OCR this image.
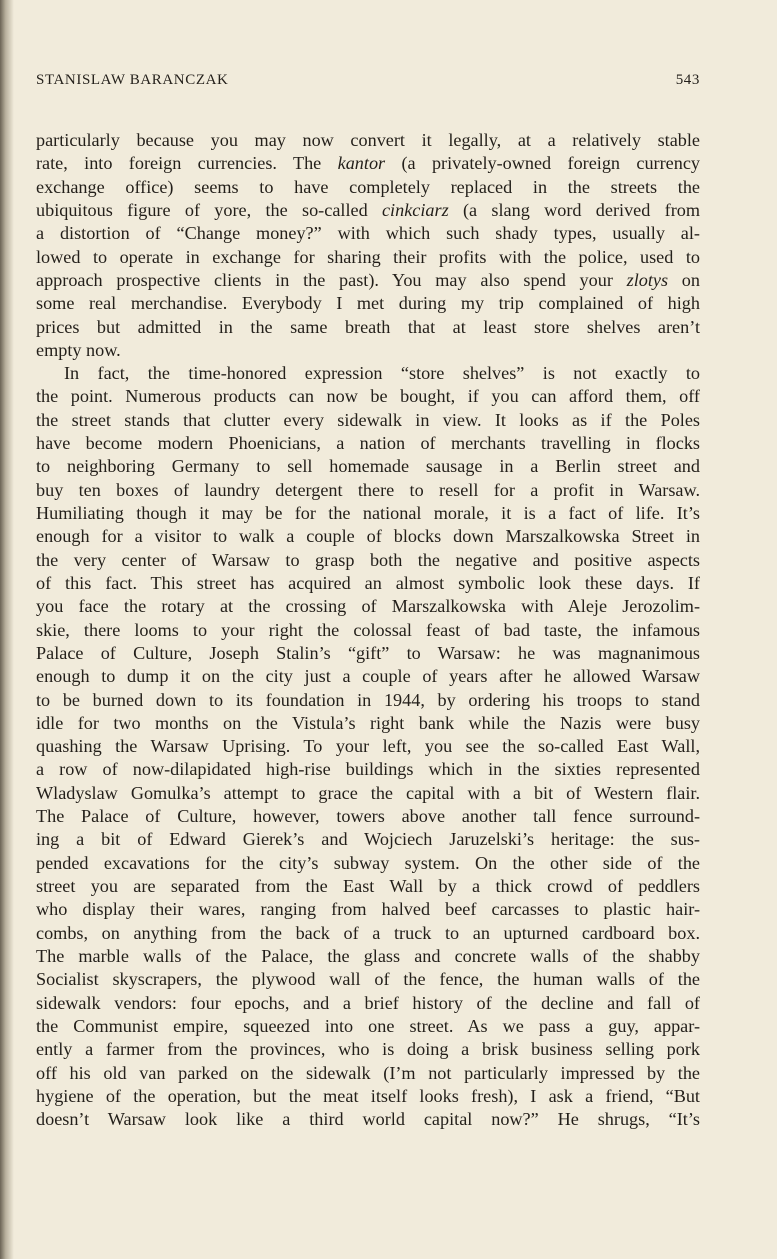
STANISLAW BARANCZAK	543
particularly because you may now convert it legally, at a relatively stable
rate, into foreign currencies. The kantor (a privately-owned foreign currency
exchange office) seems to have completely replaced in the streets the
ubiquitous figure of yore, the so-called cinkciarz (a slang word derived from
a distortion of “Change money?” with which such shady types, usually al-
lowed to operate in exchange for sharing their profits with the police, used to
approach prospective clients in the past). You may also spend your zlotys on
some real merchandise. Everybody I met during my trip complained of high
prices but admitted in the same breath that at least store shelves aren’t
empty now.
In fact, the time-honored expression “store shelves” is not exactly to
the point. Numerous products can now be bought, if you can afford them, off
the street stands that clutter every sidewalk in view. It looks as if the Poles
have become modern Phoenicians, a nation of merchants travelling in flocks
to neighboring Germany to sell homemade sausage in a Berlin street and
buy ten boxes of laundry detergent there to resell for a profit in Warsaw.
Humiliating though it may be for the national morale, it is a fact of life. It’s
enough for a visitor to walk a couple of blocks down Marszalkowska Street in
the very center of Warsaw to grasp both the negative and positive aspects
of this fact. This street has acquired an almost symbolic look these days. If
you face the rotary at the crossing of Marszalkowska with Aleje Jerozolim-
skie, there looms to your right the colossal feast of bad taste, the infamous
Palace of Culture, Joseph Stalin’s “gift” to Warsaw: he was magnanimous
enough to dump it on the city just a couple of years after he allowed Warsaw
to be burned down to its foundation in 1944, by ordering his troops to stand
idle for two months on the Vistula’s right bank while the Nazis were busy
quashing the Warsaw Uprising. To your left, you see the so-called East Wall,
a row of now-dilapidated high-rise buildings which in the sixties represented
Wladyslaw Gomulka’s attempt to grace the capital with a bit of Western flair.
The Palace of Culture, however, towers above another tall fence surround-
ing a bit of Edward Gierek’s and Wojciech Jaruzelski’s heritage: the sus-
pended excavations for the city’s subway system. On the other side of the
street you are separated from the East Wall by a thick crowd of peddlers
who display their wares, ranging from halved beef carcasses to plastic hair-
combs, on anything from the back of a truck to an upturned cardboard box.
The marble walls of the Palace, the glass and concrete walls of the shabby
Socialist skyscrapers, the plywood wall of the fence, the human walls of the
sidewalk vendors: four epochs, and a brief history of the decline and fall of
the Communist empire, squeezed into one street. As we pass a guy, appar-
ently a farmer from the provinces, who is doing a brisk business selling pork
off his old van parked on the sidewalk (I’m not particularly impressed by the
hygiene of the operation, but the meat itself looks fresh), I ask a friend, “But
doesn’t Warsaw look like a third world capital now?” He shrugs, “It’s
